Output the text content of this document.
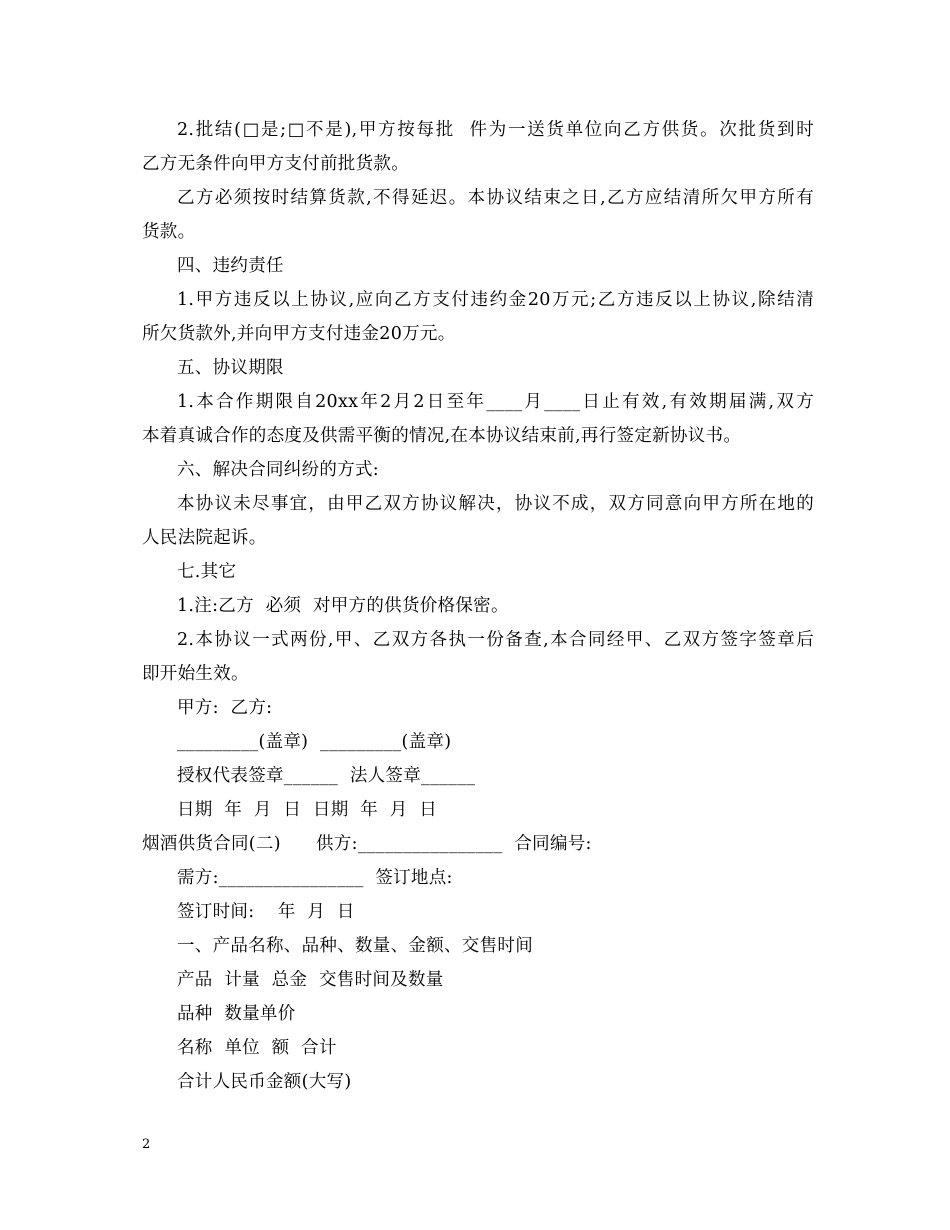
2.批结(□是;□不是),甲方按每批  件为一送货单位向乙方供货。次批货到时
乙方无条件向甲方支付前批货款。
乙方必须按时结算货款,不得延迟。本协议结束之日,乙方应结清所欠甲方所有
货款。
四、违约责任
1.甲方违反以上协议,应向乙方支付违约金20万元;乙方违反以上协议,除结清
所欠货款外,并向甲方支付违金20万元。
五、协议期限
1.本合作期限自20xx年2月2日至年____月____日止有效,有效期届满,双方
本着真诚合作的态度及供需平衡的情况,在本协议结束前,再行签定新协议书。
六、解决合同纠纷的方式:
本协议未尽事宜，由甲乙双方协议解决，协议不成，双方同意向甲方所在地的
人民法院起诉。
七.其它
1.注:乙方  必须  对甲方的供货价格保密。
2.本协议一式两份,甲、乙双方各执一份备查,本合同经甲、乙双方签字签章后
即开始生效。
甲方:  乙方:
_________(盖章)  _________(盖章)
授权代表签章______  法人签章______
日期  年  月  日  日期  年  月  日
烟酒供货合同(二)      供方:________________  合同编号:
需方:________________  签订地点:
签订时间:    年  月  日
一、产品名称、品种、数量、金额、交售时间
产品  计量  总金  交售时间及数量
品种  数量单价
名称  单位  额  合计
合计人民币金额(大写)
2
